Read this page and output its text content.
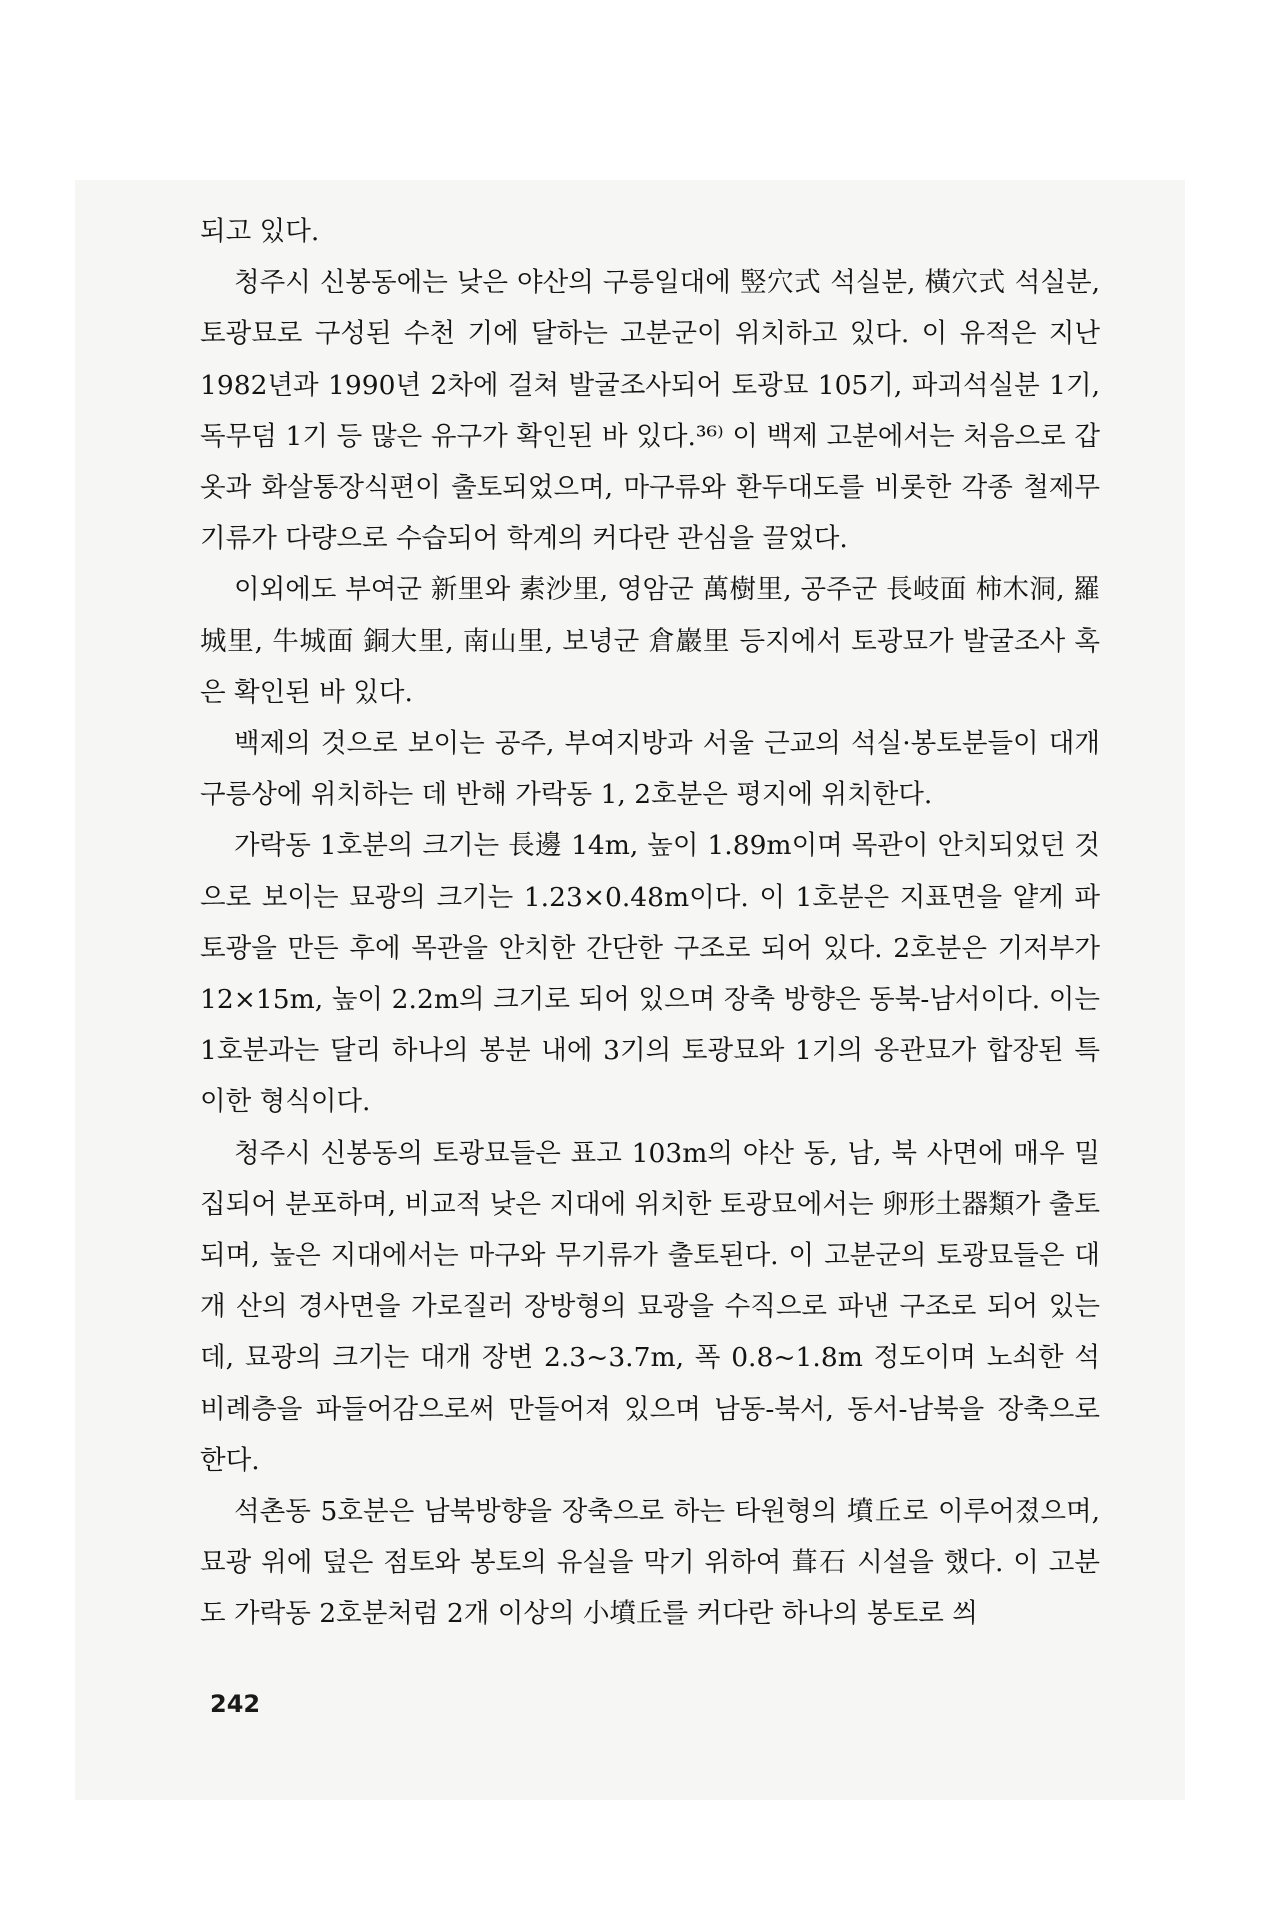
되고 있다.

청주시 신봉동에는 낮은 야산의 구릉일대에 竪穴式 석실분, 橫穴式 석실분, 토광묘로 구성된 수천 기에 달하는 고분군이 위치하고 있다. 이 유적은 지난 1982년과 1990년 2차에 걸쳐 발굴조사되어 토광묘 105기, 파괴석실분 1기, 독무덤 1기 등 많은 유구가 확인된 바 있다.³⁶⁾ 이 백제 고분에서는 처음으로 갑옷과 화살통장식편이 출토되었으며, 마구류와 환두대도를 비롯한 각종 철제무기류가 다량으로 수습되어 학계의 커다란 관심을 끌었다.

이외에도 부여군 新里와 素沙里, 영암군 萬樹里, 공주군 長岐面 柿木洞, 羅城里, 牛城面 銅大里, 南山里, 보녕군 倉巖里 등지에서 토광묘가 발굴조사 혹은 확인된 바 있다.

백제의 것으로 보이는 공주, 부여지방과 서울 근교의 석실·봉토분들이 대개 구릉상에 위치하는 데 반해 가락동 1, 2호분은 평지에 위치한다.

가락동 1호분의 크기는 長邊 14m, 높이 1.89m이며 목관이 안치되었던 것으로 보이는 묘광의 크기는 1.23×0.48m이다. 이 1호분은 지표면을 얕게 파 토광을 만든 후에 목관을 안치한 간단한 구조로 되어 있다. 2호분은 기저부가 12×15m, 높이 2.2m의 크기로 되어 있으며 장축 방향은 동북-남서이다. 이는 1호분과는 달리 하나의 봉분 내에 3기의 토광묘와 1기의 옹관묘가 합장된 특이한 형식이다.

청주시 신봉동의 토광묘들은 표고 103m의 야산 동, 남, 북 사면에 매우 밀집되어 분포하며, 비교적 낮은 지대에 위치한 토광묘에서는 卵形土器類가 출토되며, 높은 지대에서는 마구와 무기류가 출토된다. 이 고분군의 토광묘들은 대개 산의 경사면을 가로질러 장방형의 묘광을 수직으로 파낸 구조로 되어 있는데, 묘광의 크기는 대개 장변 2.3~3.7m, 폭 0.8~1.8m 정도이며 노쇠한 석비례층을 파들어감으로써 만들어져 있으며 남동-북서, 동서-남북을 장축으로 한다.

석촌동 5호분은 남북방향을 장축으로 하는 타원형의 墳丘로 이루어졌으며, 묘광 위에 덮은 점토와 봉토의 유실을 막기 위하여 葺石 시설을 했다. 이 고분도 가락동 2호분처럼 2개 이상의 小墳丘를 커다란 하나의 봉토로 씌

242
